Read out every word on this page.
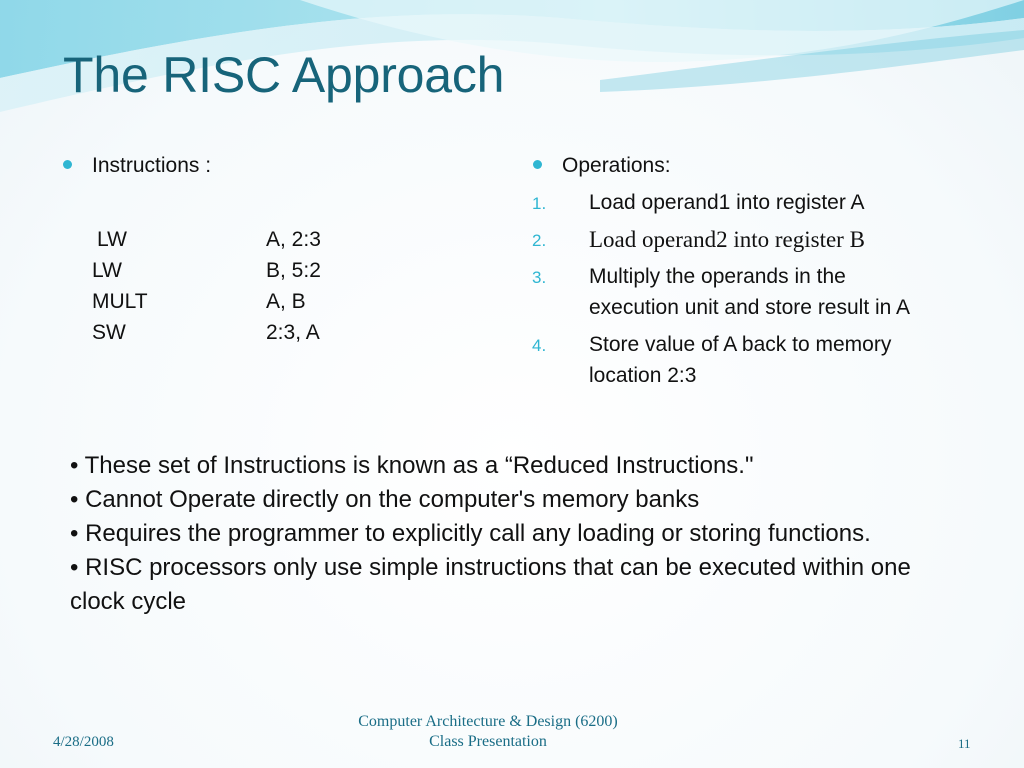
The RISC Approach
Instructions :
LW	A, 2:3
LW	B, 5:2
MULT	A, B
SW	2:3, A
Operations:
1. Load operand1 into register A
2. Load operand2 into register B
3. Multiply the operands in the
execution unit and store result in A
4. Store value of A back to memory
location 2:3
• These set of Instructions is known as a “Reduced Instructions."
• Cannot Operate directly on the computer's memory banks
• Requires the programmer to explicitly call any loading or storing functions.
• RISC processors only use simple instructions that can be executed within one
clock cycle
4/28/2008
Computer Architecture & Design (6200)
Class Presentation	11
